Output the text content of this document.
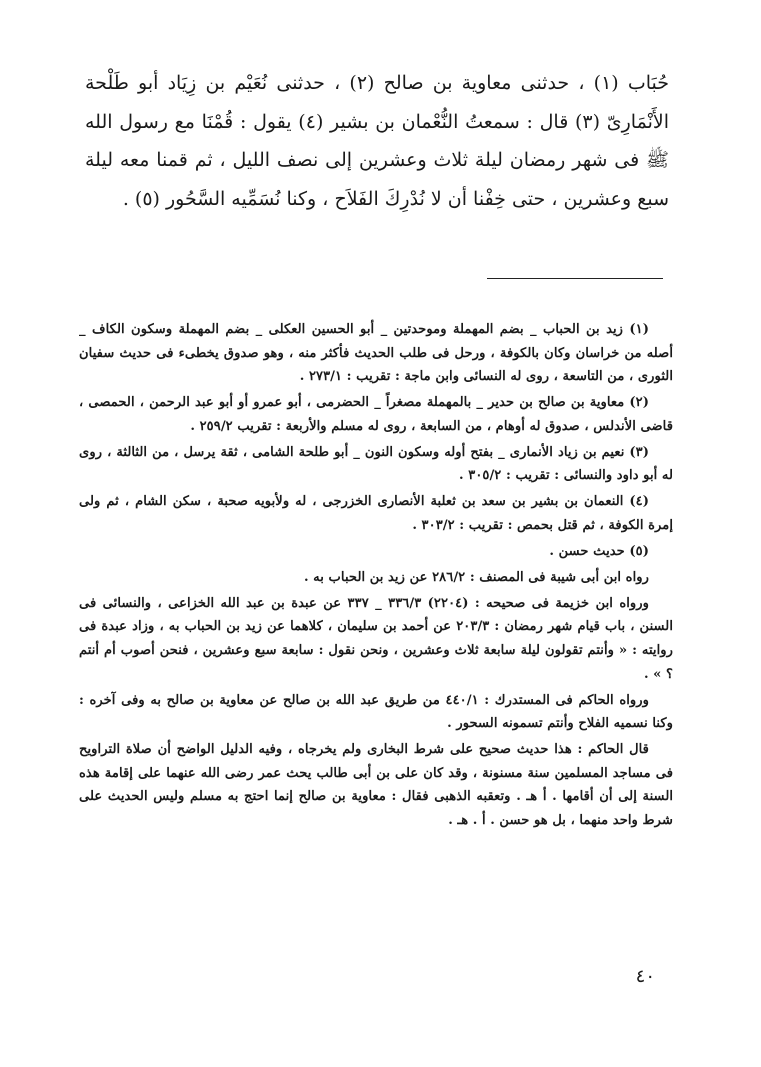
حُبَاب (١) ، حدثنى معاوية بن صالح (٢) ، حدثنى نُعَيْم بن زِيَاد أبو طَلْحة الأَنْمَارِىّ (٣) قال : سمعتُ النُّعْمان بن بشير (٤) يقول : قُمْنَا مع رسول الله ﷺ فى شهر رمضان ليلة ثلاث وعشرين إلى نصف الليل ، ثم قمنا معه ليلة سبع وعشرين ، حتى خِفْنا أن لا نُدْرِكَ الفَلاَح ، وكنا نُسَمِّيه السَّحُور (٥) .

(١) زيد بن الحباب _ بضم المهملة وموحدتين _ أبو الحسين العكلى _ بضم المهملة وسكون الكاف _ أصله من خراسان وكان بالكوفة ، ورحل فى طلب الحديث فأكثر منه ، وهو صدوق يخطىء فى حديث سفيان الثورى ، من التاسعة ، روى له النسائى وابن ماجة : تقريب : ٢٧٣/١ .

(٢) معاوية بن صالح بن حدير _ بالمهملة مصغراً _ الحضرمى ، أبو عمرو أو أبو عبد الرحمن ، الحمصى ، قاضى الأندلس ، صدوق له أوهام ، من السابعة ، روى له مسلم والأربعة : تقريب ٢٥٩/٢ .

(٣) نعيم بن زياد الأنمارى _ بفتح أوله وسكون النون _ أبو طلحة الشامى ، ثقة يرسل ، من الثالثة ، روى له أبو داود والنسائى : تقريب : ٣٠٥/٢ .

(٤) النعمان بن بشير بن سعد بن ثعلبة الأنصارى الخزرجى ، له ولأبويه صحبة ، سكن الشام ، ثم ولى إمرة الكوفة ، ثم قتل بحمص : تقريب : ٣٠٣/٢ .

(٥) حديث حسن .

رواه ابن أبى شيبة فى المصنف : ٢٨٦/٢ عن زيد بن الحباب به .

ورواه ابن خزيمة فى صحيحه : (٢٢٠٤) ٣٣٦/٣ _ ٣٣٧ عن عبدة بن عبد الله الخزاعى ، والنسائى فى السنن ، باب قيام شهر رمضان : ٢٠٣/٣ عن أحمد بن سليمان ، كلاهما عن زيد بن الحباب به ، وزاد عبدة فى روايته : « وأنتم تقولون ليلة سابعة ثلاث وعشرين ، ونحن نقول : سابعة سبع وعشرين ، فنحن أصوب أم أنتم ؟ » .

ورواه الحاكم فى المستدرك : ٤٤٠/١ من طريق عبد الله بن صالح عن معاوية بن صالح به وفى آخره : وكنا نسميه الفلاح وأنتم تسمونه السحور .

قال الحاكم : هذا حديث صحيح على شرط البخارى ولم يخرجاه ، وفيه الدليل الواضح أن صلاة التراويح فى مساجد المسلمين سنة مسنونة ، وقد كان على بن أبى طالب يحث عمر رضى الله عنهما على إقامة هذه السنة إلى أن أقامها . أ هـ . وتعقبه الذهبى فقال : معاوية بن صالح إنما احتج به مسلم وليس الحديث على شرط واحد منهما ، بل هو حسن . أ . هـ .

٤٠
